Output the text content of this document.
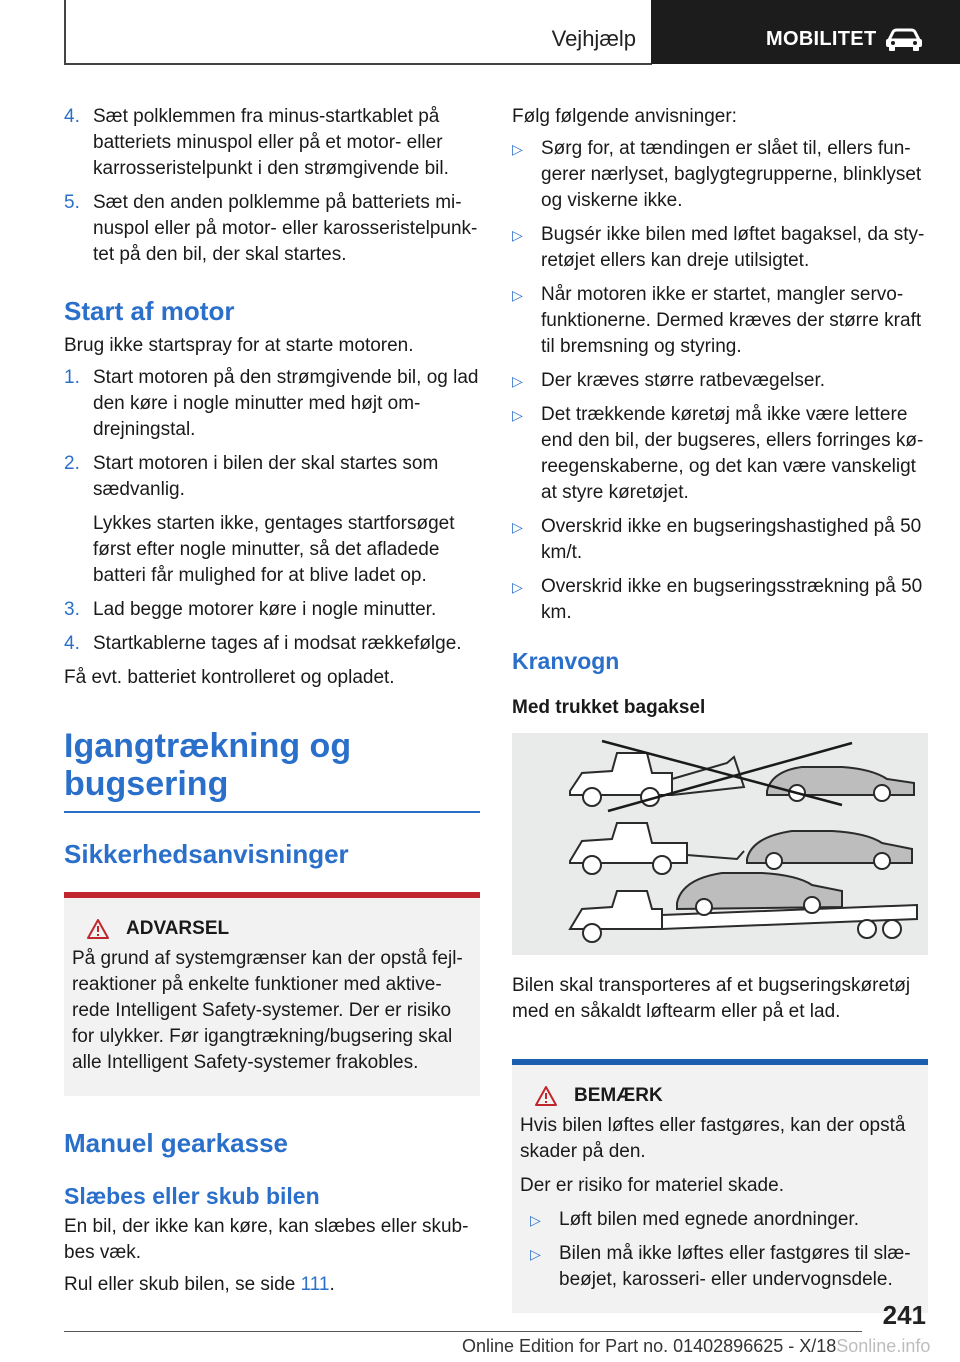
Vejhjælp	MOBILITET
4. Sæt polklemmen fra minus-startkablet på batteriets minuspol eller på et motor- eller karrosseristelpunkt i den strømgivende bil.
5. Sæt den anden polklemme på batteriets mi-nuspol eller på motor- eller karosseristelpunk-tet på den bil, der skal startes.
Start af motor
Brug ikke startspray for at starte motoren.
1. Start motoren på den strømgivende bil, og lad den køre i nogle minutter med højt om-drejningstal.
2. Start motoren i bilen der skal startes som sædvanlig.
Lykkes starten ikke, gentages startforsøget først efter nogle minutter, så det afladede batteri får mulighed for at blive ladet op.
3. Lad begge motorer køre i nogle minutter.
4. Startkablerne tages af i modsat rækkefølge.
Få evt. batteriet kontrolleret og opladet.
Igangtrækning og bugsering
Sikkerhedsanvisninger
ADVARSEL
På grund af systemgrænser kan der opstå fejl-reaktioner på enkelte funktioner med aktive-rede Intelligent Safety-systemer. Der er risiko for ulykker. Før igangtrækning/bugsering skal alle Intelligent Safety-systemer frakobles.
Manuel gearkasse
Slæbes eller skub bilen
En bil, der ikke kan køre, kan slæbes eller skub-bes væk.
Rul eller skub bilen, se side 111.
Følg følgende anvisninger:
▷ Sørg for, at tændingen er slået til, ellers fun-gerer nærlyset, baglygtegrupperne, blinklyset og viskerne ikke.
▷ Bugsér ikke bilen med løftet bagaksel, da sty-retøjet ellers kan dreje utilsigtet.
▷ Når motoren ikke er startet, mangler servo-funktionerne. Dermed kræves der større kraft til bremsning og styring.
▷ Der kræves større ratbevægelser.
▷ Det trækkende køretøj må ikke være lettere end den bil, der bugseres, ellers forringes kø-reegenskaberne, og det kan være vanskeligt at styre køretøjet.
▷ Overskrid ikke en bugseringshastighed på 50 km/t.
▷ Overskrid ikke en bugseringsstrækning på 50 km.
Kranvogn
Med trukket bagaksel
Bilen skal transporteres af et bugseringskøretøj med en såkaldt løftearm eller på et lad.
BEMÆRK
Hvis bilen løftes eller fastgøres, kan der opstå skader på den.
Der er risiko for materiel skade.
▷ Løft bilen med egnede anordninger.
▷ Bilen må ikke løftes eller fastgøres til slæ-beøjet, karosseri- eller undervognsdele.
241
Online Edition for Part no. 01402896625 - X/18Sonline.info
